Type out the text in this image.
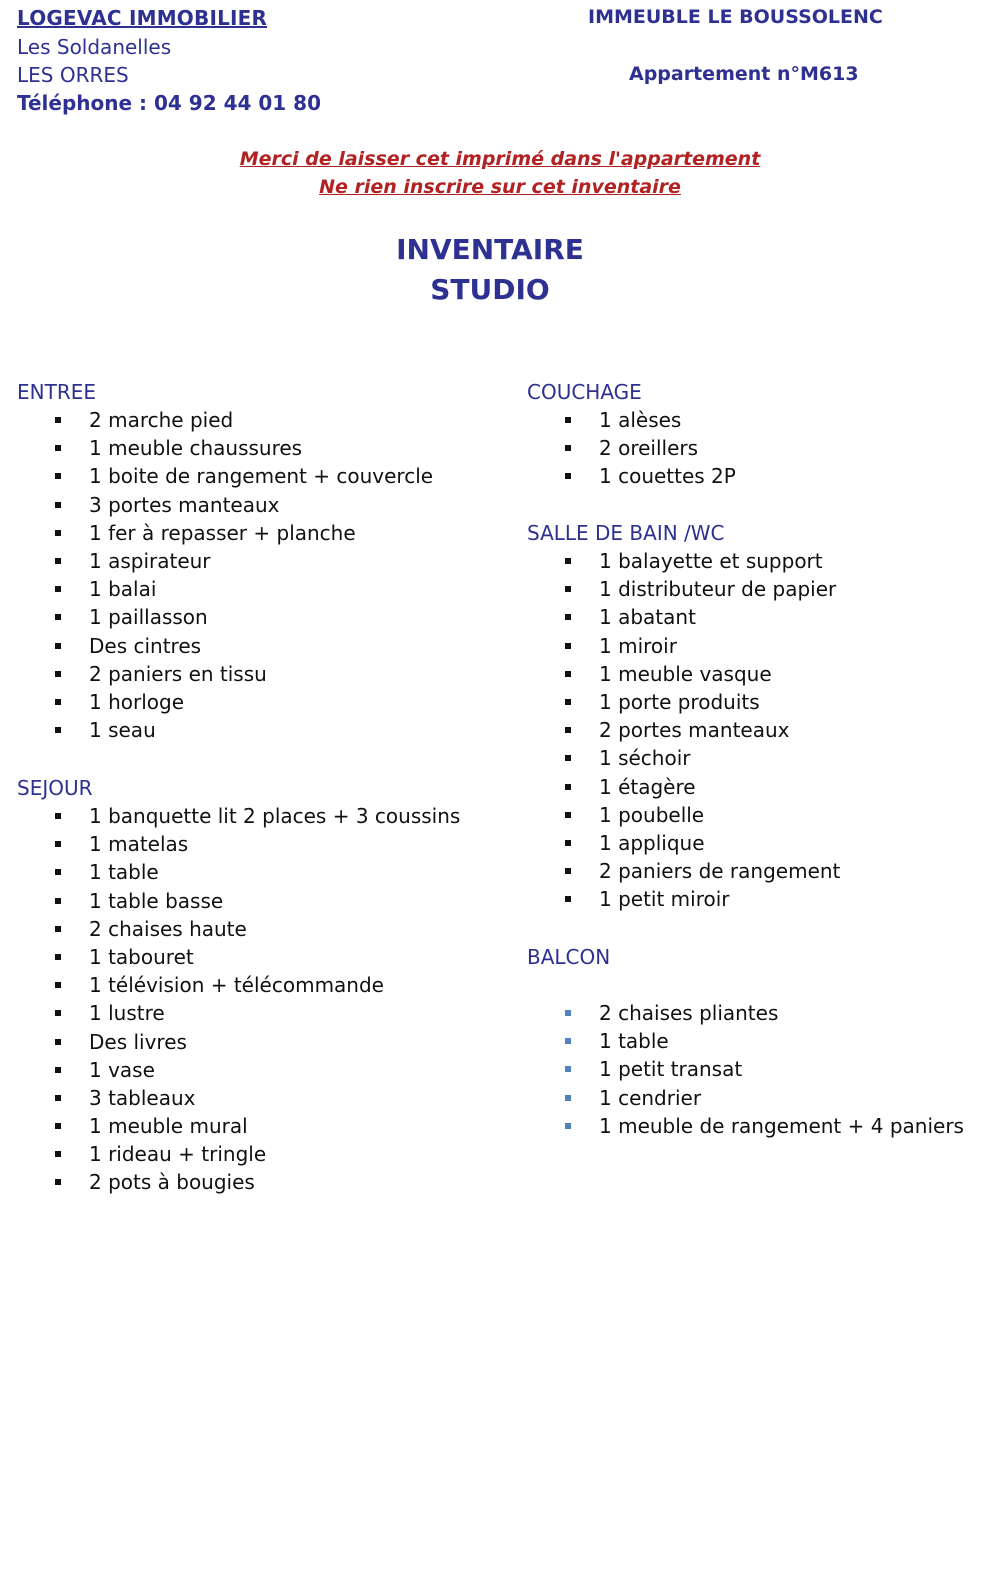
LOGEVAC IMMOBILIER
Les Soldanelles
LES ORRES
Téléphone : 04 92 44 01 80
IMMEUBLE LE BOUSSOLENC
Appartement n°M613
Merci de laisser cet imprimé dans l'appartement
Ne rien inscrire sur cet inventaire
INVENTAIRE
STUDIO
ENTREE
2 marche pied
1 meuble chaussures
1 boite de rangement + couvercle
3 portes manteaux
1 fer à repasser + planche
1 aspirateur
1 balai
1 paillasson
Des cintres
2 paniers en tissu
1 horloge
1 seau
SEJOUR
1 banquette lit 2 places + 3 coussins
1 matelas
1 table
1 table basse
2 chaises haute
1 tabouret
1 télévision + télécommande
1 lustre
Des livres
1 vase
3 tableaux
1 meuble mural
1 rideau + tringle
2 pots à bougies
COUCHAGE
1 alèses
2 oreillers
1 couettes 2P
SALLE DE BAIN /WC
1 balayette et support
1 distributeur de papier
1 abatant
1 miroir
1 meuble vasque
1 porte produits
2 portes manteaux
1 séchoir
1 étagère
1 poubelle
1 applique
2 paniers de rangement
1 petit miroir
BALCON
2 chaises pliantes
1 table
1 petit transat
1 cendrier
1 meuble de rangement + 4 paniers
